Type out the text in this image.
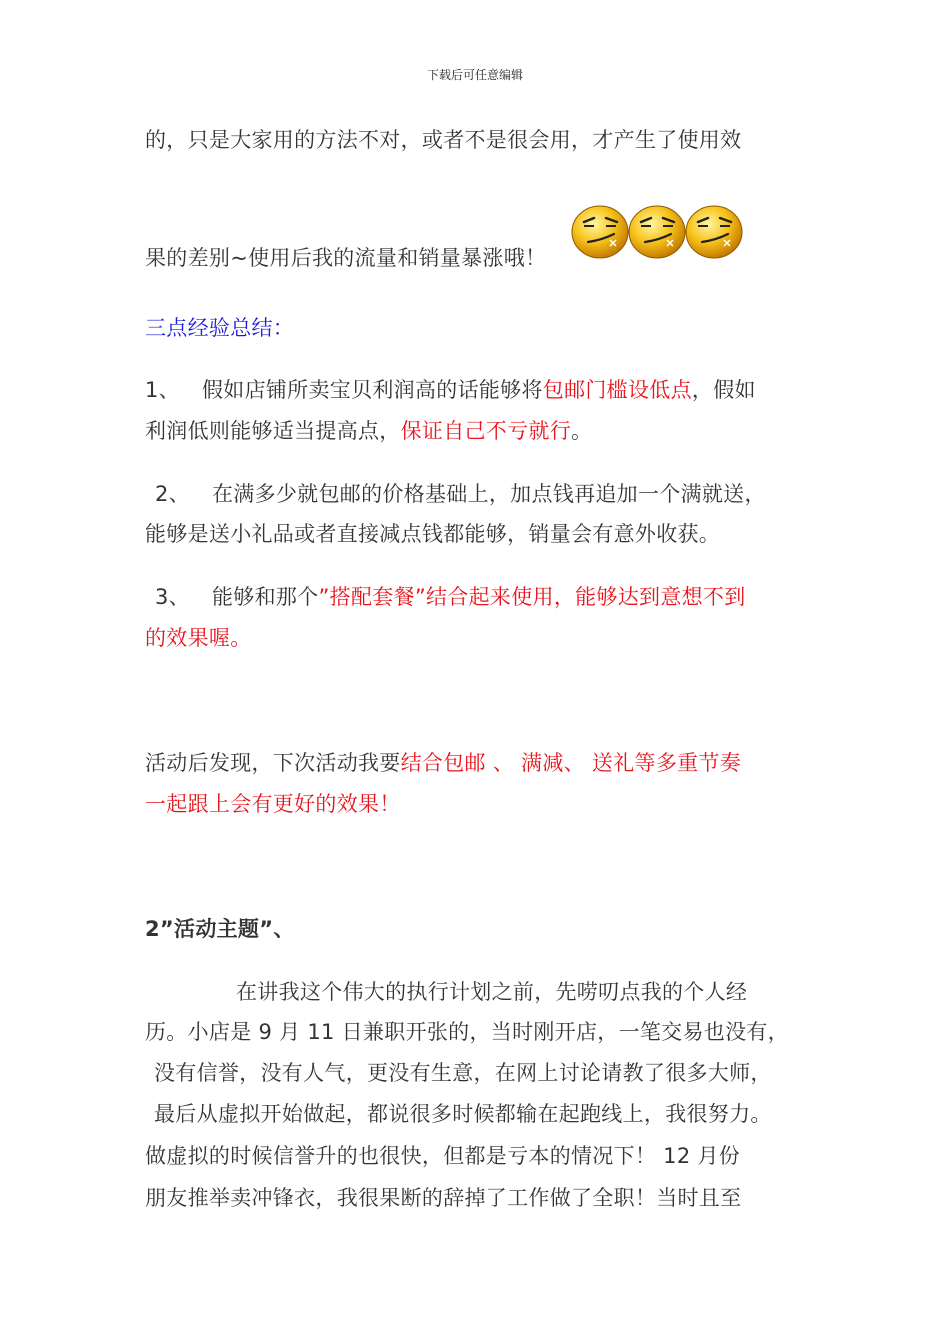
下载后可任意编辑
的，只是大家用的方法不对，或者不是很会用，才产生了使用效
果的差别~使用后我的流量和销量暴涨哦！
三点经验总结：
1、 假如店铺所卖宝贝利润高的话能够将包邮门槛设低点，假如
利润低则能够适当提高点，保证自己不亏就行。
2、 在满多少就包邮的价格基础上，加点钱再追加一个满就送，
能够是送小礼品或者直接减点钱都能够，销量会有意外收获。
3、 能够和那个”搭配套餐”结合起来使用，能够达到意想不到
的效果喔。
活动后发现，下次活动我要结合包邮 、 满减、 送礼等多重节奏
一起跟上会有更好的效果！
2”活动主题”、
在讲我这个伟大的执行计划之前，先唠叨点我的个人经
历。小店是 9 月 11 日兼职开张的，当时刚开店，一笔交易也没有，
没有信誉，没有人气，更没有生意，在网上讨论请教了很多大师，
最后从虚拟开始做起，都说很多时候都输在起跑线上，我很努力。
做虚拟的时候信誉升的也很快，但都是亏本的情况下！ 12 月份
朋友推举卖冲锋衣，我很果断的辞掉了工作做了全职！当时且至
